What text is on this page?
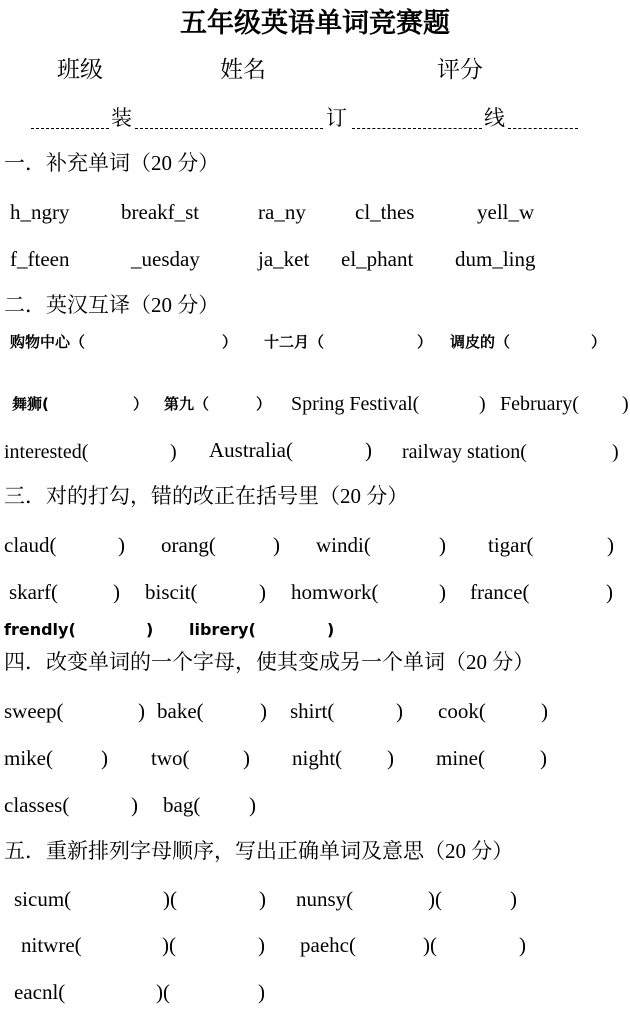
五年级英语单词竞赛题
班级	姓名	评分
装	订	线
一．补充单词（20 分）
h_ngry breakf_st	ra_ny cl_thes	yell_w
f_fteen	_uesday	ja_ket el_phant dum_ling
二．英汉互译（20 分）
购物中心（	） 十二月（	） 调皮的（	）
舞狮(	） 第九（	） Spring Festival(	) February( )
interested(	) Australia(	) railway station(	)
三．对的打勾，错的改正在括号里（20 分）
claud(	) orang(	) windi(	) tigar(	)
skarf(	) biscit(	) homwork(	) france(	)
frendly(	) librery(	)
四．改变单词的一个字母，使其变成另一个单词（20 分）
sweep(	) bake(	) shirt(	) cook(	)
mike( ) two(	) night( ) mine(	)
classes(	) bag( )
五．重新排列字母顺序，写出正确单词及意思（20 分）
sicum(	)(	) nunsy(	)(	)
nitwre(	)(	) paehc(	)(	)
eacnl(	)(	)
